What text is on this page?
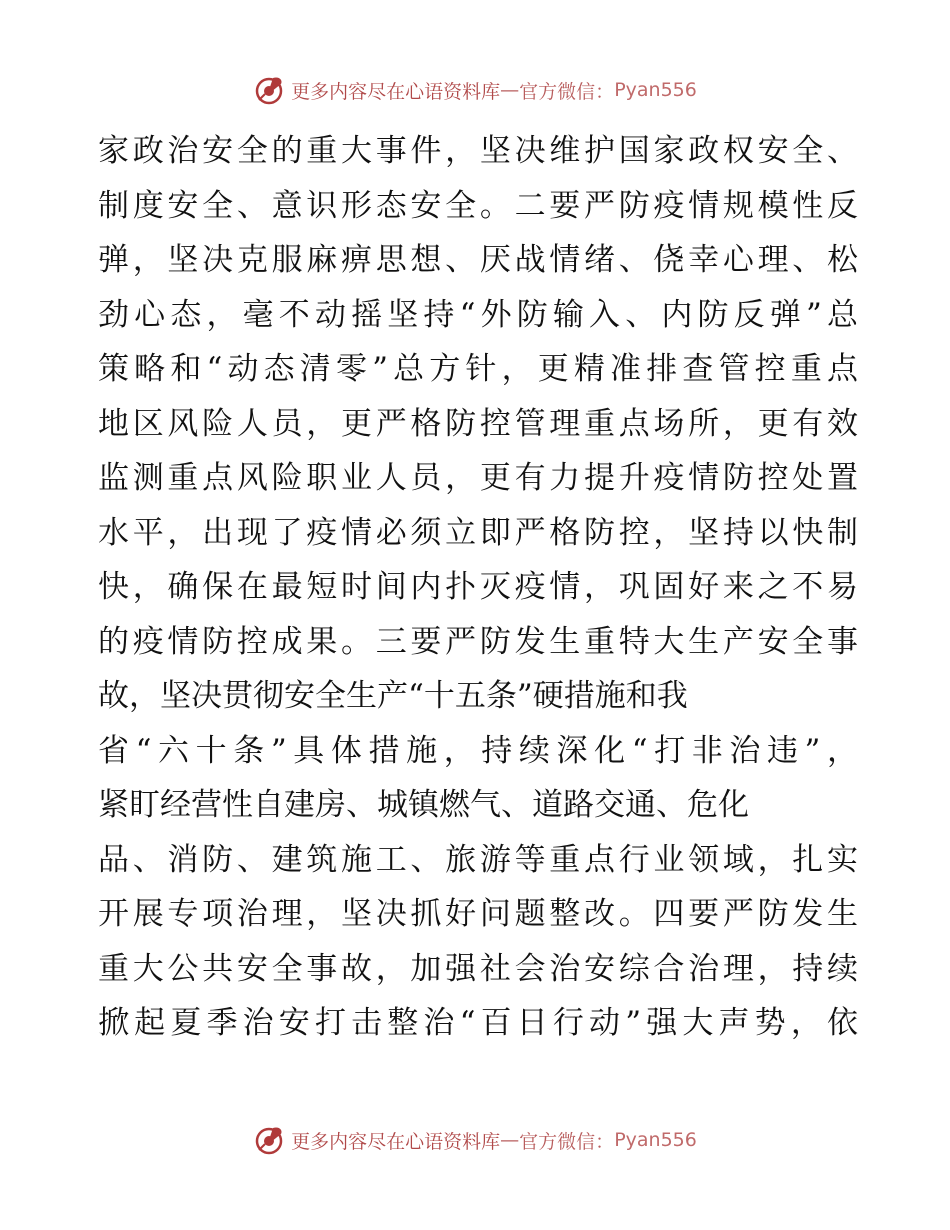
更多内容尽在心语资料库 — 官方微信： Pyan556
家政治安全的重大事件，坚决维护国家政权安全、
制度安全、意识形态安全。二要严防疫情规模性反
弹，坚决克服麻痹思想、厌战情绪、侥幸心理、松
劲心态，毫不动摇坚持“外防输入、内防反弹”总
策略和“动态清零”总方针，更精准排查管控重点
地区风险人员，更严格防控管理重点场所，更有效
监测重点风险职业人员，更有力提升疫情防控处置
水平，出现了疫情必须立即严格防控，坚持以快制
快，确保在最短时间内扑灭疫情，巩固好来之不易
的疫情防控成果。三要严防发生重特大生产安全事
故，坚决贯彻安全生产“十五条”硬措施和我
省“六十条”具体措施，持续深化“打非治违”，
紧盯经营性自建房、城镇燃气、道路交通、危化
品、消防、建筑施工、旅游等重点行业领域，扎实
开展专项治理，坚决抓好问题整改。四要严防发生
重大公共安全事故，加强社会治安综合治理，持续
掀起夏季治安打击整治“百日行动”强大声势，依
更多内容尽在心语资料库 — 官方微信： Pyan556
